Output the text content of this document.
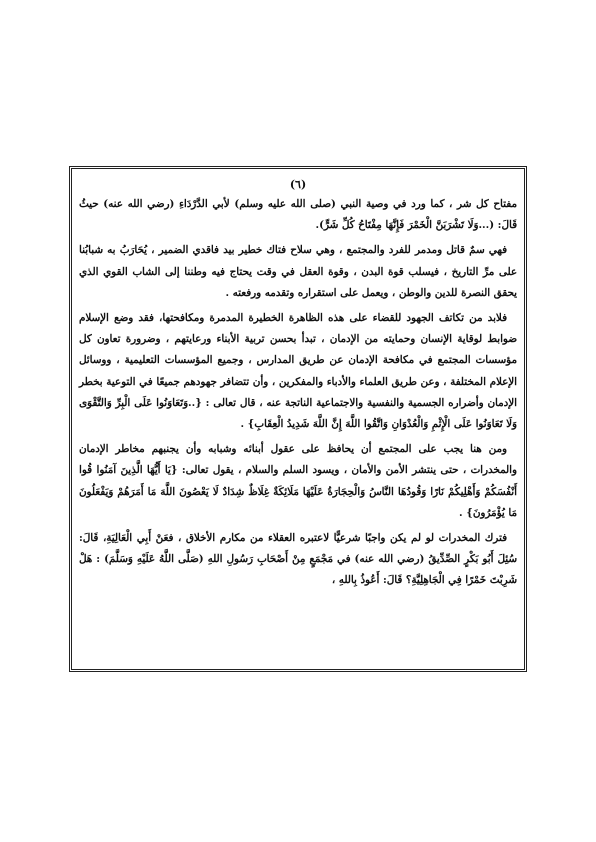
(٦)

مفتاح كل شر ، كما ورد في وصية النبي (صلى الله عليه وسلم) لأبي الدَّرْدَاءِ (رضي الله عنه) حيثُ قَالَ: (...وَلَا تَشْرَبَنَّ الْخَمْرَ فَإِنَّهَا مِفْتَاحُ كُلِّ شَرٍّ).

فهي سمٌ قاتل ومدمر للفرد والمجتمع ، وهي سلاح فتاك خطير بيد فاقدي الضمير ، يُحَارَبُ به شبابُنا على مرِّ التاريخ ، فيسلب قوة البدن ، وقوة العقل في وقت يحتاج فيه وطننا إلى الشاب القوي الذي يحقق النصرة للدين والوطن ، ويعمل على استقراره وتقدمه ورفعته .

فلابد من تكاتف الجهود للقضاء على هذه الظاهرة الخطيرة المدمرة ومكافحتها، فقد وضع الإسلام ضوابط لوقاية الإنسان وحمايته من الإدمان ، تبدأ بحسن تربية الأبناء ورعايتهم ، وضرورة تعاون كل مؤسسات المجتمع في مكافحة الإدمان عن طريق المدارس ، وجميع المؤسسات التعليمية ، ووسائل الإعلام المختلفة ، وعن طريق العلماء والأدباء والمفكرين ، وأن تتضافر جهودهم جميعًا في التوعية بخطر الإدمان وأضراره الجسمية والنفسية والاجتماعية الناتجة عنه ، قال تعالى : {..وَتَعَاوَنُوا عَلَى الْبِرِّ وَالتَّقْوَى وَلَا تَعَاوَنُوا عَلَى الْإِثْمِ وَالْعُدْوَانِ وَاتَّقُوا اللَّهَ إِنَّ اللَّهَ شَدِيدُ الْعِقَابِ} .

ومن هنا يجب على المجتمع أن يحافظ على عقول أبنائه وشبابه وأن يجنبهم مخاطر الإدمان والمخدرات ، حتى ينتشر الأمن والأمان ، ويسود السلم والسلام ، يقول تعالى: {يَا أَيُّهَا الَّذِينَ آمَنُوا قُوا أَنْفُسَكُمْ وَأَهْلِيكُمْ نَارًا وَقُودُهَا النَّاسُ وَالْحِجَارَةُ عَلَيْهَا مَلَائِكَةٌ غِلَاظٌ شِدَادٌ لَا يَعْصُونَ اللَّهَ مَا أَمَرَهُمْ وَيَفْعَلُونَ مَا يُؤْمَرُونَ} .

فترك المخدرات لو لم يكن واجبًا شرعيًّا لاعتبره العقلاء من مكارم الأخلاق ، فعَنْ أَبِي الْعَالِيَةِ، قَالَ: سُئِلَ أَبُو بَكْرٍ الصِّدِّيقُ (رضي الله عنه) في مَجْمَعٍ مِنْ أَصْحَابِ رَسُولِ اللهِ (صَلَّى اللَّهُ عَلَيْهِ وَسَلَّمَ) : هَلْ شَرِبْتَ خَمْرًا فِي الْجَاهِلِيَّةِ؟ قَالَ: أَعُوذُ بِاللهِ ،
